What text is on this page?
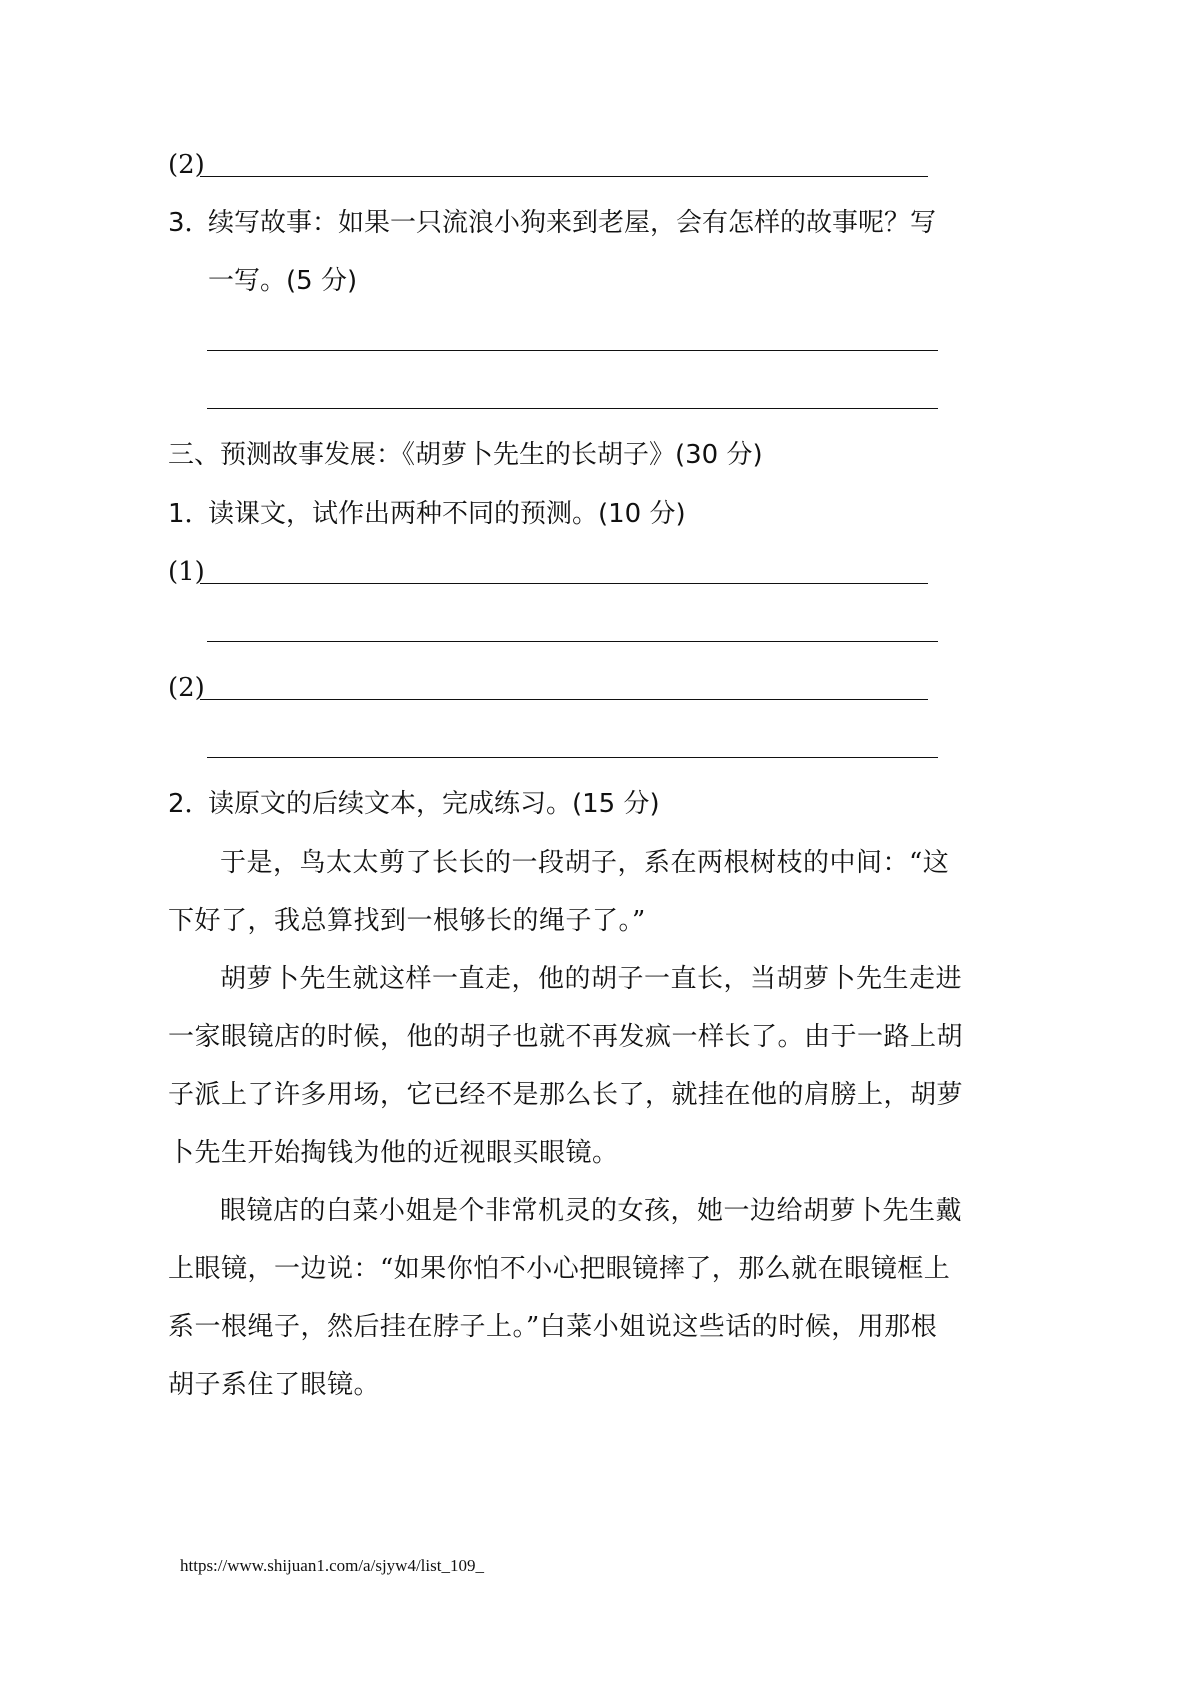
(2)
3．
续写故事：如果一只流浪小狗来到老屋，会有怎样的故事呢？写
一写。(5 分)
三、预测故事发展：《胡萝卜先生的长胡子》(30 分)
1．
读课文，试作出两种不同的预测。(10 分)
(1)
(2)
2．
读原文的后续文本，完成练习。(15 分)
于是，鸟太太剪了长长的一段胡子，系在两根树枝的中间：“这
下好了，我总算找到一根够长的绳子了。”
胡萝卜先生就这样一直走，他的胡子一直长，当胡萝卜先生走进
一家眼镜店的时候，他的胡子也就不再发疯一样长了。由于一路上胡
子派上了许多用场，它已经不是那么长了，就挂在他的肩膀上，胡萝
卜先生开始掏钱为他的近视眼买眼镜。
眼镜店的白菜小姐是个非常机灵的女孩，她一边给胡萝卜先生戴
上眼镜，一边说：“如果你怕不小心把眼镜摔了，那么就在眼镜框上
系一根绳子，然后挂在脖子上。”白菜小姐说这些话的时候，用那根
胡子系住了眼镜。
https://www.shijuan1.com/a/sjyw4/list_109_
